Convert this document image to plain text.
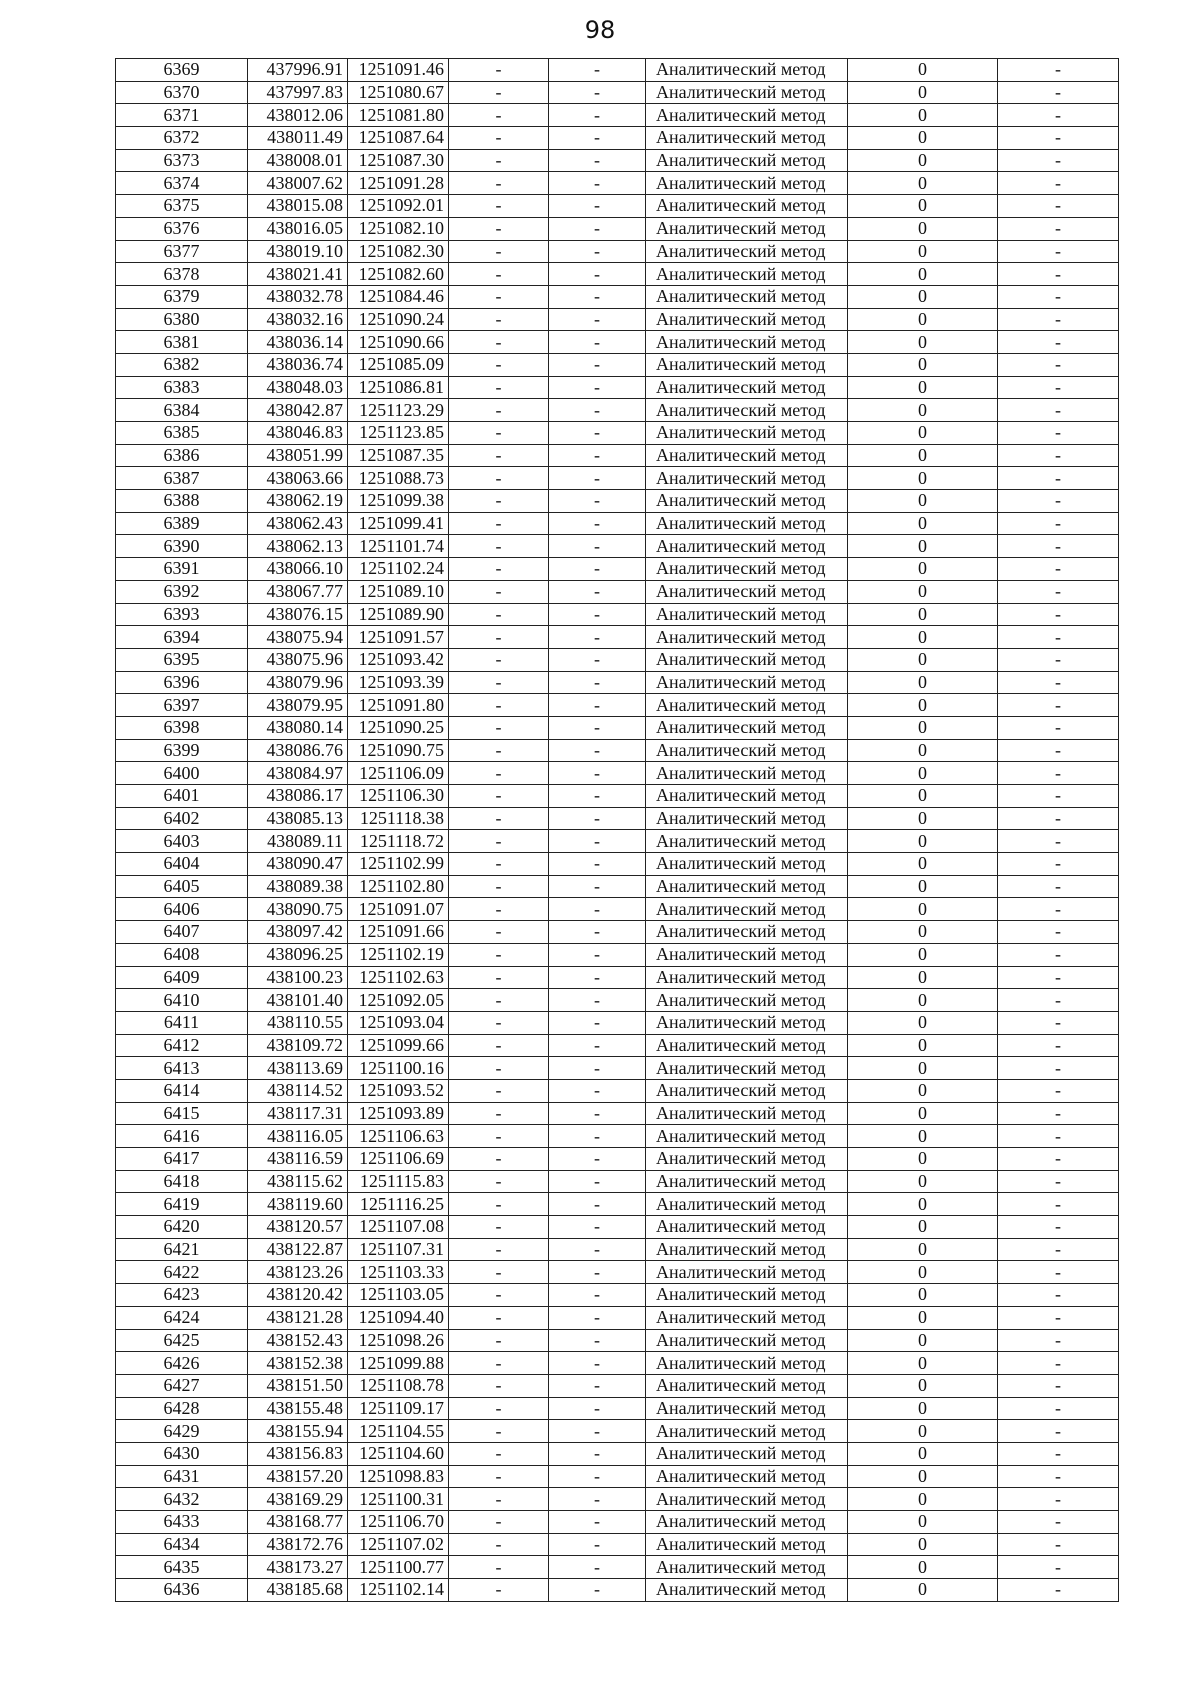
98
6369	437996.91	1251091.46	-	-	Аналитический метод	0	-
6370	437997.83	1251080.67	-	-	Аналитический метод	0	-
6371	438012.06	1251081.80	-	-	Аналитический метод	0	-
6372	438011.49	1251087.64	-	-	Аналитический метод	0	-
6373	438008.01	1251087.30	-	-	Аналитический метод	0	-
6374	438007.62	1251091.28	-	-	Аналитический метод	0	-
6375	438015.08	1251092.01	-	-	Аналитический метод	0	-
6376	438016.05	1251082.10	-	-	Аналитический метод	0	-
6377	438019.10	1251082.30	-	-	Аналитический метод	0	-
6378	438021.41	1251082.60	-	-	Аналитический метод	0	-
6379	438032.78	1251084.46	-	-	Аналитический метод	0	-
6380	438032.16	1251090.24	-	-	Аналитический метод	0	-
6381	438036.14	1251090.66	-	-	Аналитический метод	0	-
6382	438036.74	1251085.09	-	-	Аналитический метод	0	-
6383	438048.03	1251086.81	-	-	Аналитический метод	0	-
6384	438042.87	1251123.29	-	-	Аналитический метод	0	-
6385	438046.83	1251123.85	-	-	Аналитический метод	0	-
6386	438051.99	1251087.35	-	-	Аналитический метод	0	-
6387	438063.66	1251088.73	-	-	Аналитический метод	0	-
6388	438062.19	1251099.38	-	-	Аналитический метод	0	-
6389	438062.43	1251099.41	-	-	Аналитический метод	0	-
6390	438062.13	1251101.74	-	-	Аналитический метод	0	-
6391	438066.10	1251102.24	-	-	Аналитический метод	0	-
6392	438067.77	1251089.10	-	-	Аналитический метод	0	-
6393	438076.15	1251089.90	-	-	Аналитический метод	0	-
6394	438075.94	1251091.57	-	-	Аналитический метод	0	-
6395	438075.96	1251093.42	-	-	Аналитический метод	0	-
6396	438079.96	1251093.39	-	-	Аналитический метод	0	-
6397	438079.95	1251091.80	-	-	Аналитический метод	0	-
6398	438080.14	1251090.25	-	-	Аналитический метод	0	-
6399	438086.76	1251090.75	-	-	Аналитический метод	0	-
6400	438084.97	1251106.09	-	-	Аналитический метод	0	-
6401	438086.17	1251106.30	-	-	Аналитический метод	0	-
6402	438085.13	1251118.38	-	-	Аналитический метод	0	-
6403	438089.11	1251118.72	-	-	Аналитический метод	0	-
6404	438090.47	1251102.99	-	-	Аналитический метод	0	-
6405	438089.38	1251102.80	-	-	Аналитический метод	0	-
6406	438090.75	1251091.07	-	-	Аналитический метод	0	-
6407	438097.42	1251091.66	-	-	Аналитический метод	0	-
6408	438096.25	1251102.19	-	-	Аналитический метод	0	-
6409	438100.23	1251102.63	-	-	Аналитический метод	0	-
6410	438101.40	1251092.05	-	-	Аналитический метод	0	-
6411	438110.55	1251093.04	-	-	Аналитический метод	0	-
6412	438109.72	1251099.66	-	-	Аналитический метод	0	-
6413	438113.69	1251100.16	-	-	Аналитический метод	0	-
6414	438114.52	1251093.52	-	-	Аналитический метод	0	-
6415	438117.31	1251093.89	-	-	Аналитический метод	0	-
6416	438116.05	1251106.63	-	-	Аналитический метод	0	-
6417	438116.59	1251106.69	-	-	Аналитический метод	0	-
6418	438115.62	1251115.83	-	-	Аналитический метод	0	-
6419	438119.60	1251116.25	-	-	Аналитический метод	0	-
6420	438120.57	1251107.08	-	-	Аналитический метод	0	-
6421	438122.87	1251107.31	-	-	Аналитический метод	0	-
6422	438123.26	1251103.33	-	-	Аналитический метод	0	-
6423	438120.42	1251103.05	-	-	Аналитический метод	0	-
6424	438121.28	1251094.40	-	-	Аналитический метод	0	-
6425	438152.43	1251098.26	-	-	Аналитический метод	0	-
6426	438152.38	1251099.88	-	-	Аналитический метод	0	-
6427	438151.50	1251108.78	-	-	Аналитический метод	0	-
6428	438155.48	1251109.17	-	-	Аналитический метод	0	-
6429	438155.94	1251104.55	-	-	Аналитический метод	0	-
6430	438156.83	1251104.60	-	-	Аналитический метод	0	-
6431	438157.20	1251098.83	-	-	Аналитический метод	0	-
6432	438169.29	1251100.31	-	-	Аналитический метод	0	-
6433	438168.77	1251106.70	-	-	Аналитический метод	0	-
6434	438172.76	1251107.02	-	-	Аналитический метод	0	-
6435	438173.27	1251100.77	-	-	Аналитический метод	0	-
6436	438185.68	1251102.14	-	-	Аналитический метод	0	-
